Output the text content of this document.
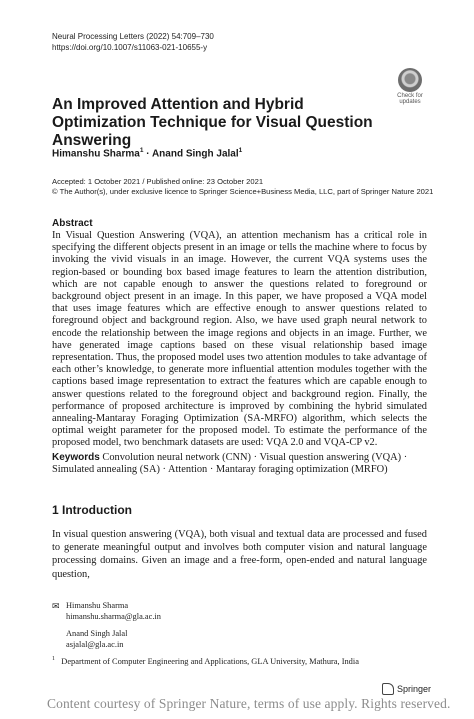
Neural Processing Letters (2022) 54:709–730
https://doi.org/10.1007/s11063-021-10655-y
Check for updates
An Improved Attention and Hybrid Optimization Technique for Visual Question Answering
Himanshu Sharma$^1$ · Anand Singh Jalal$^1$
Accepted: 1 October 2021 / Published online: 23 October 2021
© The Author(s), under exclusive licence to Springer Science+Business Media, LLC, part of Springer Nature 2021
Abstract
In Visual Question Answering (VQA), an attention mechanism has a critical role in specifying the different objects present in an image or tells the machine where to focus by invoking the vivid visuals in an image. However, the current VQA systems uses the region-based or bounding box based image features to learn the attention distribution, which are not capable enough to answer the questions related to foreground or background object present in an image. In this paper, we have proposed a VQA model that uses image features which are effective enough to answer questions related to foreground object and background region. Also, we have used graph neural network to encode the relationship between the image regions and objects in an image. Further, we have generated image captions based on these visual relationship based image representation. Thus, the proposed model uses two attention modules to take advantage of each other’s knowledge, to generate more influential attention modules together with the captions based image representation to extract the features which are capable enough to answer questions related to the foreground object and background region. Finally, the performance of proposed architecture is improved by combining the hybrid simulated annealing-Mantaray Foraging Optimization (SA-MRFO) algorithm, which selects the optimal weight parameter for the proposed model. To estimate the performance of the proposed model, two benchmark datasets are used: VQA 2.0 and VQA-CP v2.
Keywords Convolution neural network (CNN) · Visual question answering (VQA) · Simulated annealing (SA) · Attention · Mantaray foraging optimization (MRFO)
1 Introduction
In visual question answering (VQA), both visual and textual data are processed and fused to generate meaningful output and involves both computer vision and natural language processing domains. Given an image and a free-form, open-ended and natural language question,
✉ Himanshu Sharma
himanshu.sharma@gla.ac.in
Anand Singh Jalal
asjalal@gla.ac.in
$^1$ Department of Computer Engineering and Applications, GLA University, Mathura, India
Springer
Content courtesy of Springer Nature, terms of use apply. Rights reserved.
